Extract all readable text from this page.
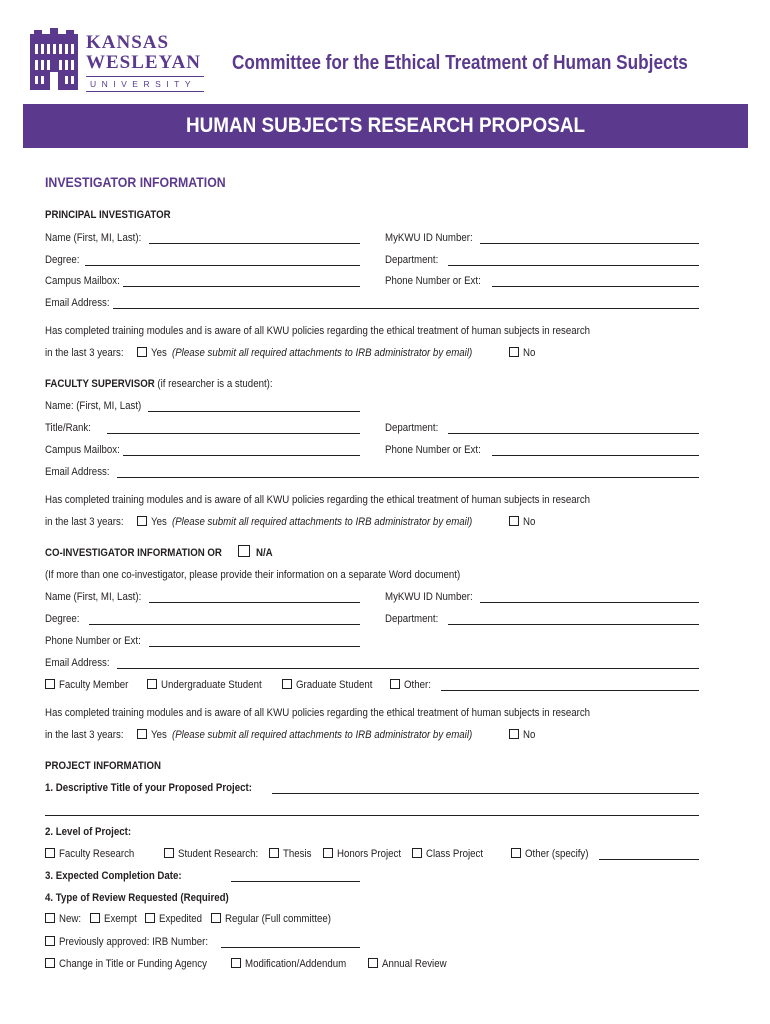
KANSAS
WESLEYAN
UNIVERSITY
Committee for the Ethical Treatment of Human Subjects
HUMAN SUBJECTS RESEARCH PROPOSAL
INVESTIGATOR INFORMATION
PRINCIPAL INVESTIGATOR
Name (First, MI, Last):	MyKWU ID Number:
Degree:	Department:
Campus Mailbox:	Phone Number or Ext:
Email Address:
Has completed training modules and is aware of all KWU policies regarding the ethical treatment of human subjects in research
in the last 3 years: Yes (Please submit all required attachments to IRB administrator by email)	No
FACULTY SUPERVISOR (if researcher is a student):
Name: (First, MI, Last)
Title/Rank:	Department:
Campus Mailbox:	Phone Number or Ext:
Email Address:
Has completed training modules and is aware of all KWU policies regarding the ethical treatment of human subjects in research
in the last 3 years: Yes (Please submit all required attachments to IRB administrator by email)	No
CO-INVESTIGATOR INFORMATION OR	N/A
(If more than one co-investigator, please provide their information on a separate Word document)
Name (First, MI, Last):	MyKWU ID Number:
Degree:	Department:
Phone Number or Ext:
Email Address:
Faculty Member	Undergraduate Student	Graduate Student	Other:
Has completed training modules and is aware of all KWU policies regarding the ethical treatment of human subjects in research
in the last 3 years: Yes (Please submit all required attachments to IRB administrator by email)	No
PROJECT INFORMATION
1. Descriptive Title of your Proposed Project:
2. Level of Project:
Faculty Research	Student Research: Thesis Honors Project Class Project	Other (specify)
3. Expected Completion Date:
4. Type of Review Requested (Required)
New: Exempt Expedited Regular (Full committee)
Previously approved: IRB Number:
Change in Title or Funding Agency	Modification/Addendum	Annual Review
